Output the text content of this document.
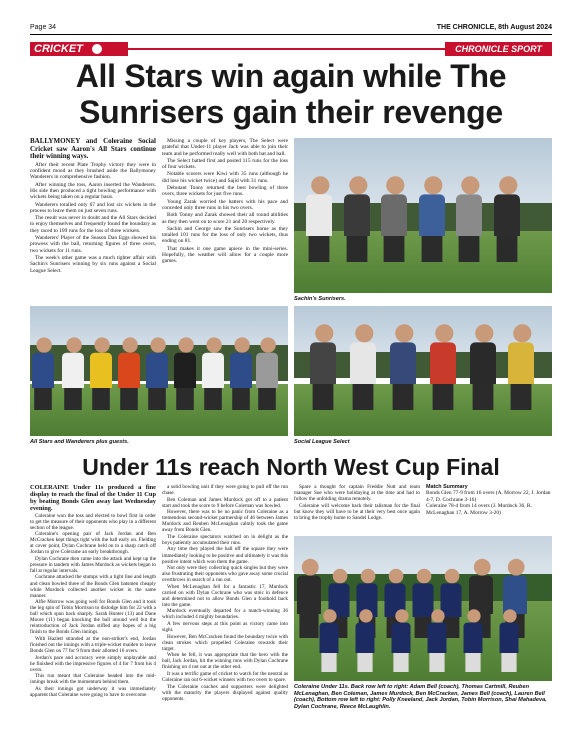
Page 34	THE CHRONICLE, 8th August 2024
CRICKET	CHRONICLE SPORT
All Stars win again while The Sunrisers gain their revenge

BALLYMONEY and Coleraine Social Cricket saw Aaron's All Stars continue their winning ways.

After their recent Plate Trophy victory they were in confident mood as they brushed aside the Ballymoney Wanderers in comprehensive fashion.

After winning the toss, Aaron inserted the Wanderers. His side then produced a tight bowling performance with wickets being taken on a regular basis.

Wanderers totalled only 67 and lost six wickets in the process to leave them on just seven runs.

The result was never in doubt and the All Stars decided to enjoy themselves and frequently found the boundary as they raced to 109 runs for the loss of three wickets.

Wanderers' Player of the Season Dan Eggs showed his prowess with the ball, returning figures of three overs, two wickets for 11 runs.

The week's other game was a much tighter affair with Sachin's Sunrisers winning by six runs against a Social League Select.

Missing a couple of key players, The Select were grateful that Under-11 player Jack was able to join their team and he performed really well with both bat and ball.

The Select batted first and posted 115 runs for the loss of four wickets.

Notable scorers were Kiwi with 35 runs (although he did lose his wicket twice) and Sajid with 31 runs.

Debutant Tonny returned the best bowling of three overs, three wickets for just five runs.

Young Zarak worried the batters with his pace and conceded only three runs in his two overs.

Both Tonny and Zarak showed their all round abilities as they then went on to score 21 and 20 respectively.

Sachin and George saw the Sunrisers home as they totalled 101 runs for the loss of only two wickets, thus ending on 81.

That makes it one game apiece in the mini-series. Hopefully, the weather will allow for a couple more games.

Sachin's Sunrisers.
All Stars and Wanderers plus guests.	Social League Select
Under 11s reach North West Cup Final

COLERAINE Under 11s produced a fine display to reach the final of the Under 11 Cup by beating Bonds Glen away last Wednesday evening.

Coleraine won the toss and elected to bowl first in order to get the measure of their opponents who play in a different section of the league.

Coleraine's opening pair of Jack Jordan and Ben McCracken kept things tight with the ball early on. Fielding at cover point, Dylan Cochrane held on to a sharp catch off Jordan to give Coleraine an early breakthrough.

Dylan Cochrane then came into the attack and kept up the pressure in tandem with James Murdock as wickets began to fall at regular intervals.

Cochrane attacked the stumps with a tight line and length and clean bowled three of the Bonds Glen batsmen cheaply while Murdock collected another wicket in the same manner.

Alfie Morrow was going well for Bonds Glen and it took the leg spin of Tobin Morrison to dislodge him for 22 with a ball which spun back sharply. Sarah Hunter (13) and Dane Moore (11) began knocking the ball around well but the reintroduction of Jack Jordan stifled any hopes of a big finish to the Bonds Glen innings.

With Hazlett stranded at the non-striker's end, Jordan finished out the innings with a triple-wicket maiden to leave Bonds Glen on 77 for 9 from their allotted 16 overs.

Jordan's pace and accuracy were simply unplayable and he finished with the impressive figures of 4 for 7 from his 4 overs.

This run meant that Coleraine headed into the mid-innings break with the momentum behind them.

As their innings got underway it was immediately apparent that Coleraine were going to have to overcome

a solid bowling unit if they were going to pull off the run chase.

Ben Coleman and James Murdock got off to a patient start and took the score to 9 before Coleman was bowled.

However, there was to be no panic from Coleraine as a tremendous second-wicket partnership of 46 between James Murdock and Reuben McLenaghan calmly took the game away from Bonds Glen.

The Coleraine spectators watched on in delight as the boys patiently accumulated their runs.

Any time they played the ball off the square they were immediately looking to be positive and ultimately it was this positive intent which won them the game.

Not only were they collecting quick singles but they were also frustrating their opponents who gave away some crucial overthrows in search of a run out.

When McLenaghan fell for a fantastic 17, Murdock carried on with Dylan Cochrane who was stoic in defence and determined not to allow Bonds Glen a foothold back into the game.

Murdock eventually departed for a match-winning 36 which included 4 mighty boundaries.

A few nervous steps at this point as victory came into sight.

However, Ben McCracken found the boundary twice with clean strokes which propelled Coleraine towards their target.

When he fell, it was appropriate that the hero with the ball, Jack Jordan, hit the winning runs with Dylan Cochrane finishing on 4 not out at the other end.

It was a terrific game of cricket to watch for the neutral as Coleraine ran out 6-wicket winners with two overs to spare.

The Coleraine coaches and supporters were delighted with the maturity the players displayed against quality opponents.

Spare a thought for captain Freddie Nutt and team manager Sue who were holidaying at the time and had to follow the unfolding drama remotely.

Coleraine will welcome back their talisman for the final but know they will have to be at their very best once again to bring the trophy home to Sandel Lodge.

Match Summary
Bonds Glen 77-9 from 16 overs (A. Morrow 22, J. Jordan 4-7, D. Cochrane 3-16)
Coleraine 78-4 from 14 overs (J. Murdock 36, R. McLenaghan 17, A. Morrow 3-20)
Coleraine Under 11s. Back row left to right: Adam Bell (coach), Thomas Cartmill, Reuben McLenaghan, Ben Coleman, James Murdock, Ben McCracken, James Bell (coach), Lauren Bell (coach), Bottom row left to right: Polly Kneeland, Jack Jordan, Tobin Morrison, Shai Mahadeva, Dylan Cochrane, Reece McLaughlin.
